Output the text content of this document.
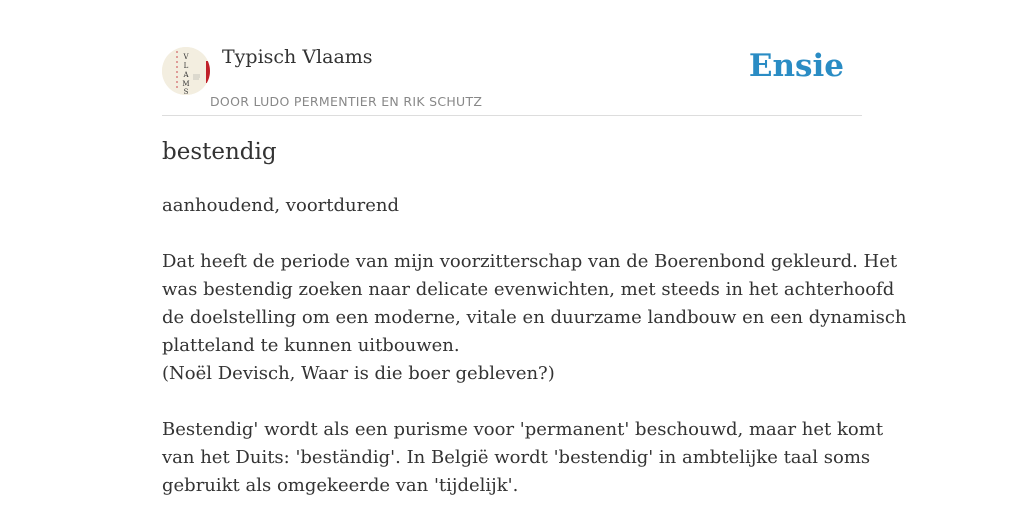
V
L
A
M
S
Typisch Vlaams
DOOR LUDO PERMENTIER EN RIK SCHUTZ
Ensie
bestendig

aanhoudend, voortdurend

Dat heeft de periode van mijn voorzitterschap van de Boerenbond gekleurd. Het
was bestendig zoeken naar delicate evenwichten, met steeds in het achterhoofd
de doelstelling om een moderne, vitale en duurzame landbouw en een dynamisch
platteland te kunnen uitbouwen.
(Noël Devisch, Waar is die boer gebleven?)

Bestendig' wordt als een purisme voor 'permanent' beschouwd, maar het komt
van het Duits: 'beständig'. In België wordt 'bestendig' in ambtelijke taal soms
gebruikt als omgekeerde van 'tijdelijk'.
